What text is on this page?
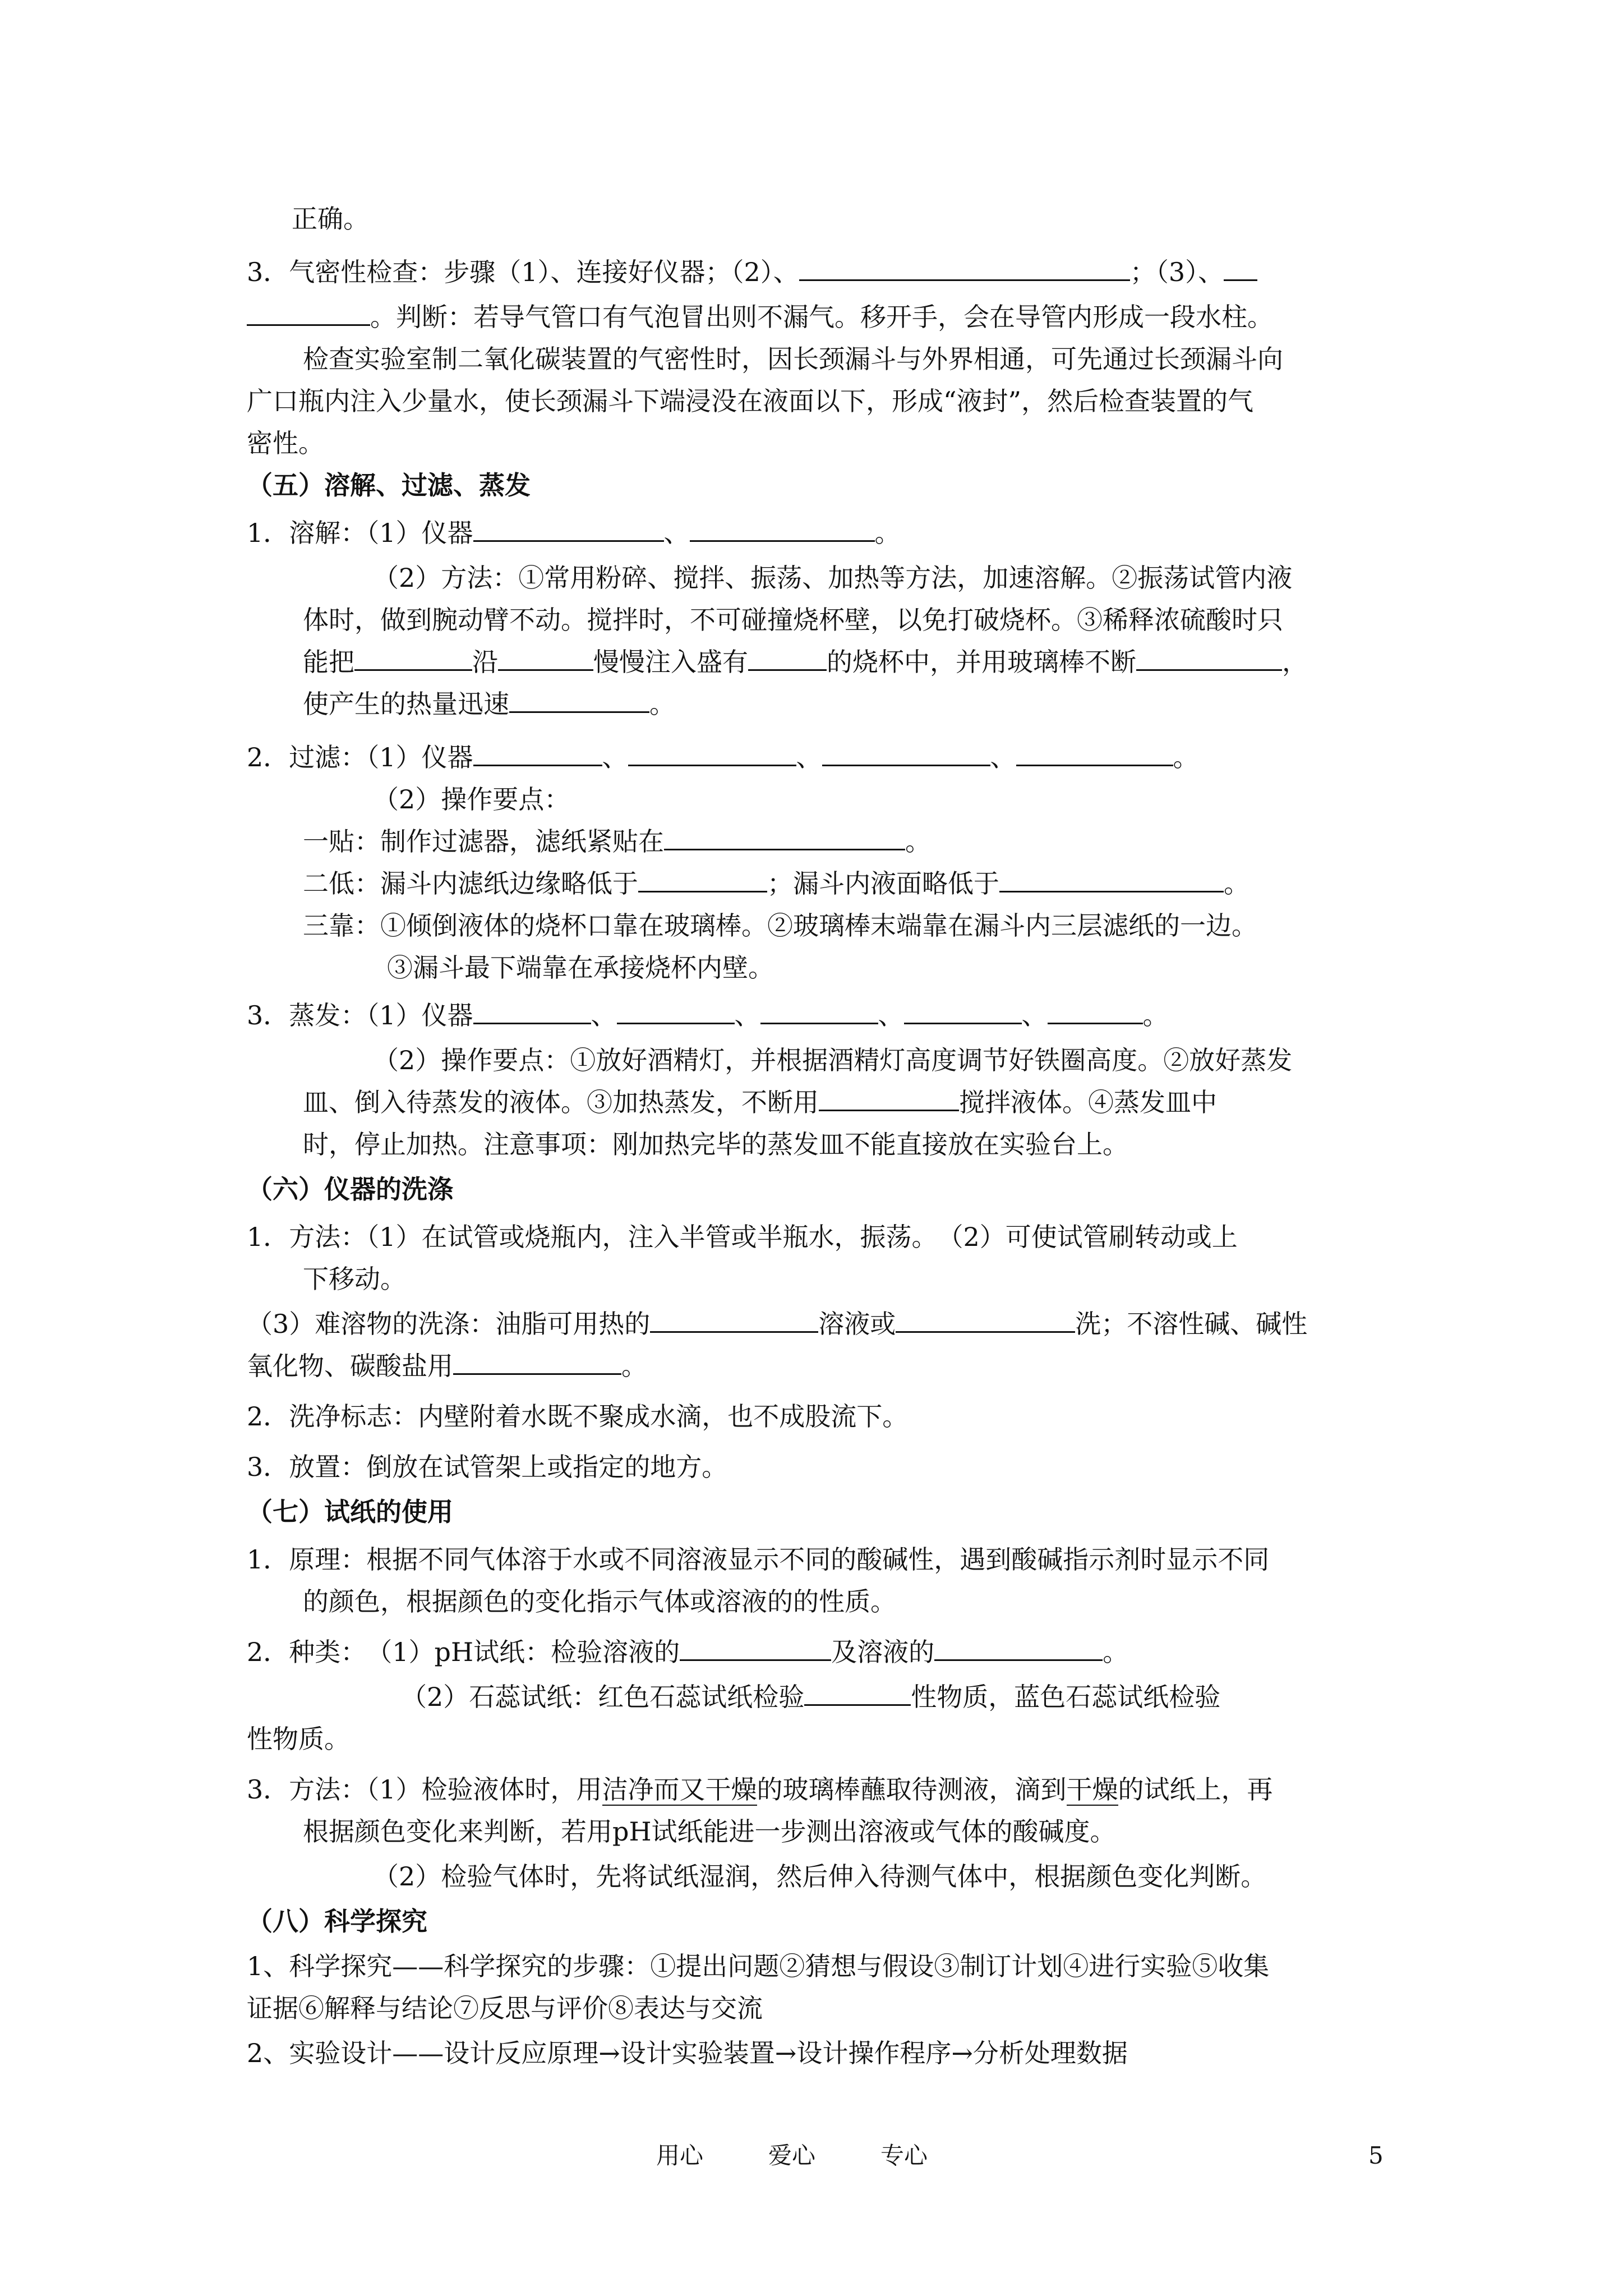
正确。
3．气密性检查：步骤（1）、连接好仪器；（2）、	；（3）、
。判断：若导气管口有气泡冒出则不漏气。移开手，会在导管内形成一段水柱。
检查实验室制二氧化碳装置的气密性时，因长颈漏斗与外界相通，可先通过长颈漏斗向
广口瓶内注入少量水，使长颈漏斗下端浸没在液面以下，形成“液封”，然后检查装置的气
密性。
（五）溶解、过滤、蒸发
1．溶解：（1）仪器	、	。
（2）方法：①常用粉碎、搅拌、振荡、加热等方法，加速溶解。②振荡试管内液
体时，做到腕动臂不动。搅拌时，不可碰撞烧杯壁，以免打破烧杯。③稀释浓硫酸时只
能把	沿	慢慢注入盛有	的烧杯中，并用玻璃棒不断	，
使产生的热量迅速	。
2．过滤：（1）仪器	、	、	、	。
（2）操作要点：
一贴：制作过滤器，滤纸紧贴在	。
二低：漏斗内滤纸边缘略低于	；漏斗内液面略低于	。
三靠：①倾倒液体的烧杯口靠在玻璃棒。②玻璃棒末端靠在漏斗内三层滤纸的一边。
③漏斗最下端靠在承接烧杯内壁。
3．蒸发：（1）仪器	、	、	、	、	。
（2）操作要点：①放好酒精灯，并根据酒精灯高度调节好铁圈高度。②放好蒸发
皿、倒入待蒸发的液体。③加热蒸发，不断用	搅拌液体。④蒸发皿中
时，停止加热。注意事项：刚加热完毕的蒸发皿不能直接放在实验台上。
（六）仪器的洗涤
1．方法：（1）在试管或烧瓶内，注入半管或半瓶水，振荡。　（2）可使试管刷转动或上
下移动。
（3）难溶物的洗涤：油脂可用热的	溶液或	洗；不溶性碱、碱性
氧化物、碳酸盐用	。
2．洗净标志：内壁附着水既不聚成水滴，也不成股流下。
3．放置：倒放在试管架上或指定的地方。
（七）试纸的使用
1．原理：根据不同气体溶于水或不同溶液显示不同的酸碱性，遇到酸碱指示剂时显示不同
的颜色，根据颜色的变化指示气体或溶液的的性质。
2．种类：　（1）pH试纸：检验溶液的	及溶液的	。
（2）石蕊试纸：红色石蕊试纸检验	性物质，蓝色石蕊试纸检验
性物质。
3．方法：（1）检验液体时，用洁净而又干燥的玻璃棒蘸取待测液，滴到干燥的试纸上，再
根据颜色变化来判断，若用pH试纸能进一步测出溶液或气体的酸碱度。
（2）检验气体时，先将试纸湿润，然后伸入待测气体中，根据颜色变化判断。
（八）科学探究
1、科学探究——科学探究的步骤：①提出问题②猜想与假设③制订计划④进行实验⑤收集
证据⑥解释与结论⑦反思与评价⑧表达与交流
2、实验设计——设计反应原理→设计实验装置→设计操作程序→分析处理数据
用心	爱心	专心	5
